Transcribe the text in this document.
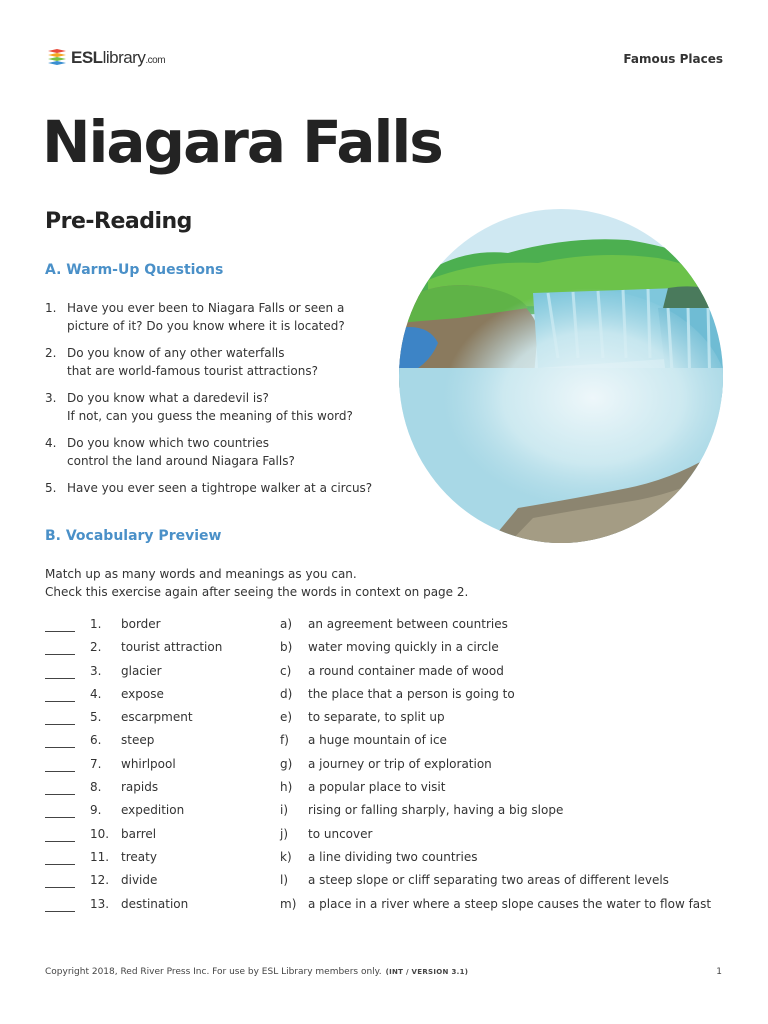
ESLlibrary.com	Famous Places
Niagara Falls
Pre-Reading
A. Warm-Up Questions
1. Have you ever been to Niagara Falls or seen a
picture of it? Do you know where it is located?
2. Do you know of any other waterfalls
that are world-famous tourist attractions?
3. Do you know what a daredevil is?
If not, can you guess the meaning of this word?
4. Do you know which two countries
control the land around Niagara Falls?
5. Have you ever seen a tightrope walker at a circus?
B. Vocabulary Preview
Match up as many words and meanings as you can.
Check this exercise again after seeing the words in context on page 2.
1.	border	a) an agreement between countries
2.	tourist attraction	b) water moving quickly in a circle
3.	glacier	c) a round container made of wood
4.	expose	d) the place that a person is going to
5.	escarpment	e) to separate, to split up
6.	steep	f) a huge mountain of ice
7.	whirlpool	g) a journey or trip of exploration
8.	rapids	h) a popular place to visit
9.	expedition	i) rising or falling sharply, having a big slope
10. barrel	j) to uncover
11. treaty	k) a line dividing two countries
12. divide	l) a steep slope or cliff separating two areas of different levels
13. destination	m) a place in a river where a steep slope causes the water to flow fast
Copyright 2018, Red River Press Inc. For use by ESL Library members only. (INT / VERSION 3.1)	1
